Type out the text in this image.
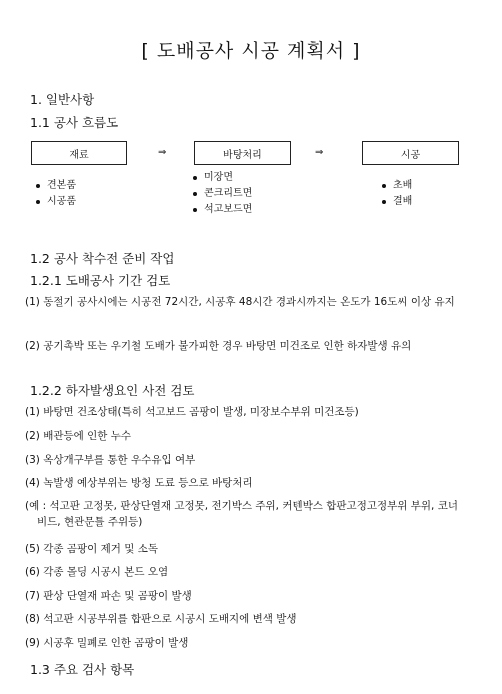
[ 도배공사 시공 계획서 ]
1. 일반사항
1.1 공사 흐름도
재료	⇒	바탕처리	⇒	시공
견본품
시공품
미장면
콘크리트면
석고보드면
초배
결배
1.2 공사 착수전 준비 작업
1.2.1 도배공사 기간 검토
(1) 동절기 공사시에는 시공전 72시간, 시공후 48시간 경과시까지는 온도가 16도씨 이상 유지
(2) 공기촉박 또는 우기철 도배가 불가피한 경우 바탕면 미건조로 인한 하자발생 유의
1.2.2 하자발생요인 사전 검토
(1) 바탕면 건조상태(특히 석고보드 곰팡이 발생, 미장보수부위 미건조등)
(2) 배관등에 인한 누수
(3) 옥상개구부를 통한 우수유입 여부
(4) 녹발생 예상부위는 방청 도료 등으로 바탕처리
(예 : 석고판 고정못, 판상단열재 고정못, 전기박스 주위, 커텐박스 합판고정고정부위 부위, 코너비드, 현관문틀 주위등)
(5) 각종 곰팡이 제거 및 소독
(6) 각종 몰딩 시공시 본드 오염
(7) 판상 단열재 파손 및 곰팡이 발생
(8) 석고판 시공부위를 합판으로 시공시 도배지에 변색 발생
(9) 시공후 밀폐로 인한 곰팡이 발생
1.3 주요 검사 항목
